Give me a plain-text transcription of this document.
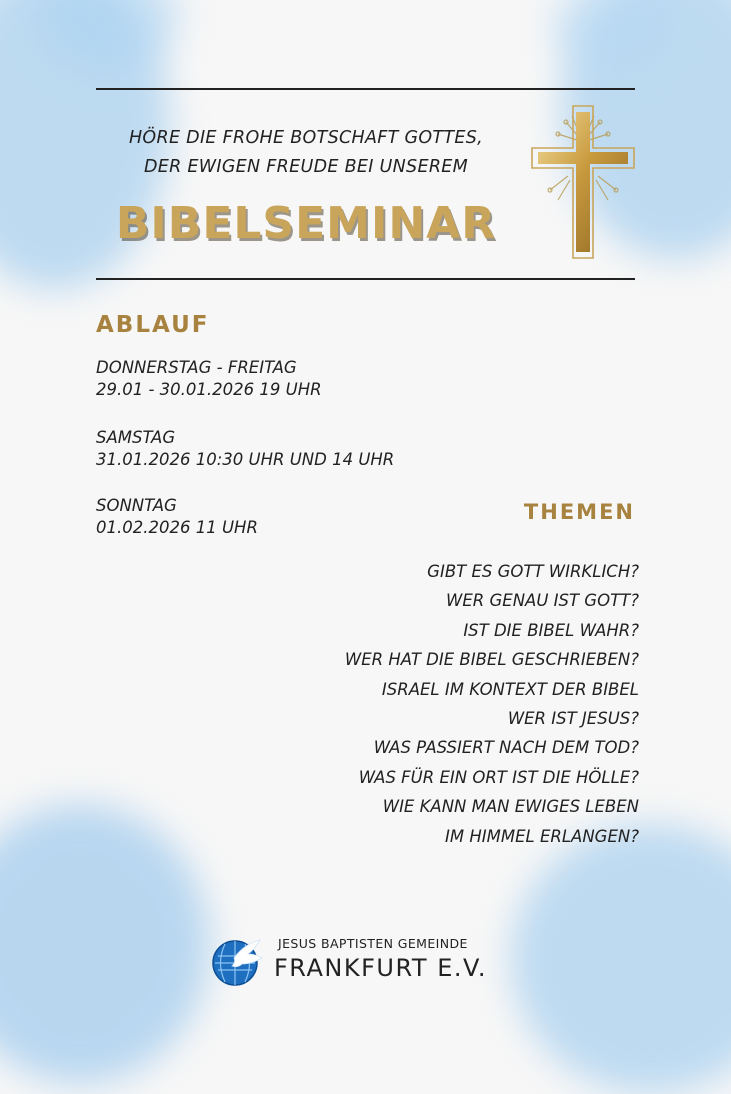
HÖRE DIE FROHE BOTSCHAFT GOTTES,
DER EWIGEN FREUDE BEI UNSEREM
BIBELSEMINAR
ABLAUF
DONNERSTAG - FREITAG
29.01 - 30.01.2026 19 UHR
SAMSTAG
31.01.2026 10:30 UHR UND 14 UHR
SONNTAG
01.02.2026 11 UHR
THEMEN
GIBT ES GOTT WIRKLICH?
WER GENAU IST GOTT?
IST DIE BIBEL WAHR?
WER HAT DIE BIBEL GESCHRIEBEN?
ISRAEL IM KONTEXT DER BIBEL
WER IST JESUS?
WAS PASSIERT NACH DEM TOD?
WAS FÜR EIN ORT IST DIE HÖLLE?
WIE KANN MAN EWIGES LEBEN
IM HIMMEL ERLANGEN?
JESUS BAPTISTEN GEMEINDE
FRANKFURT E.V.
